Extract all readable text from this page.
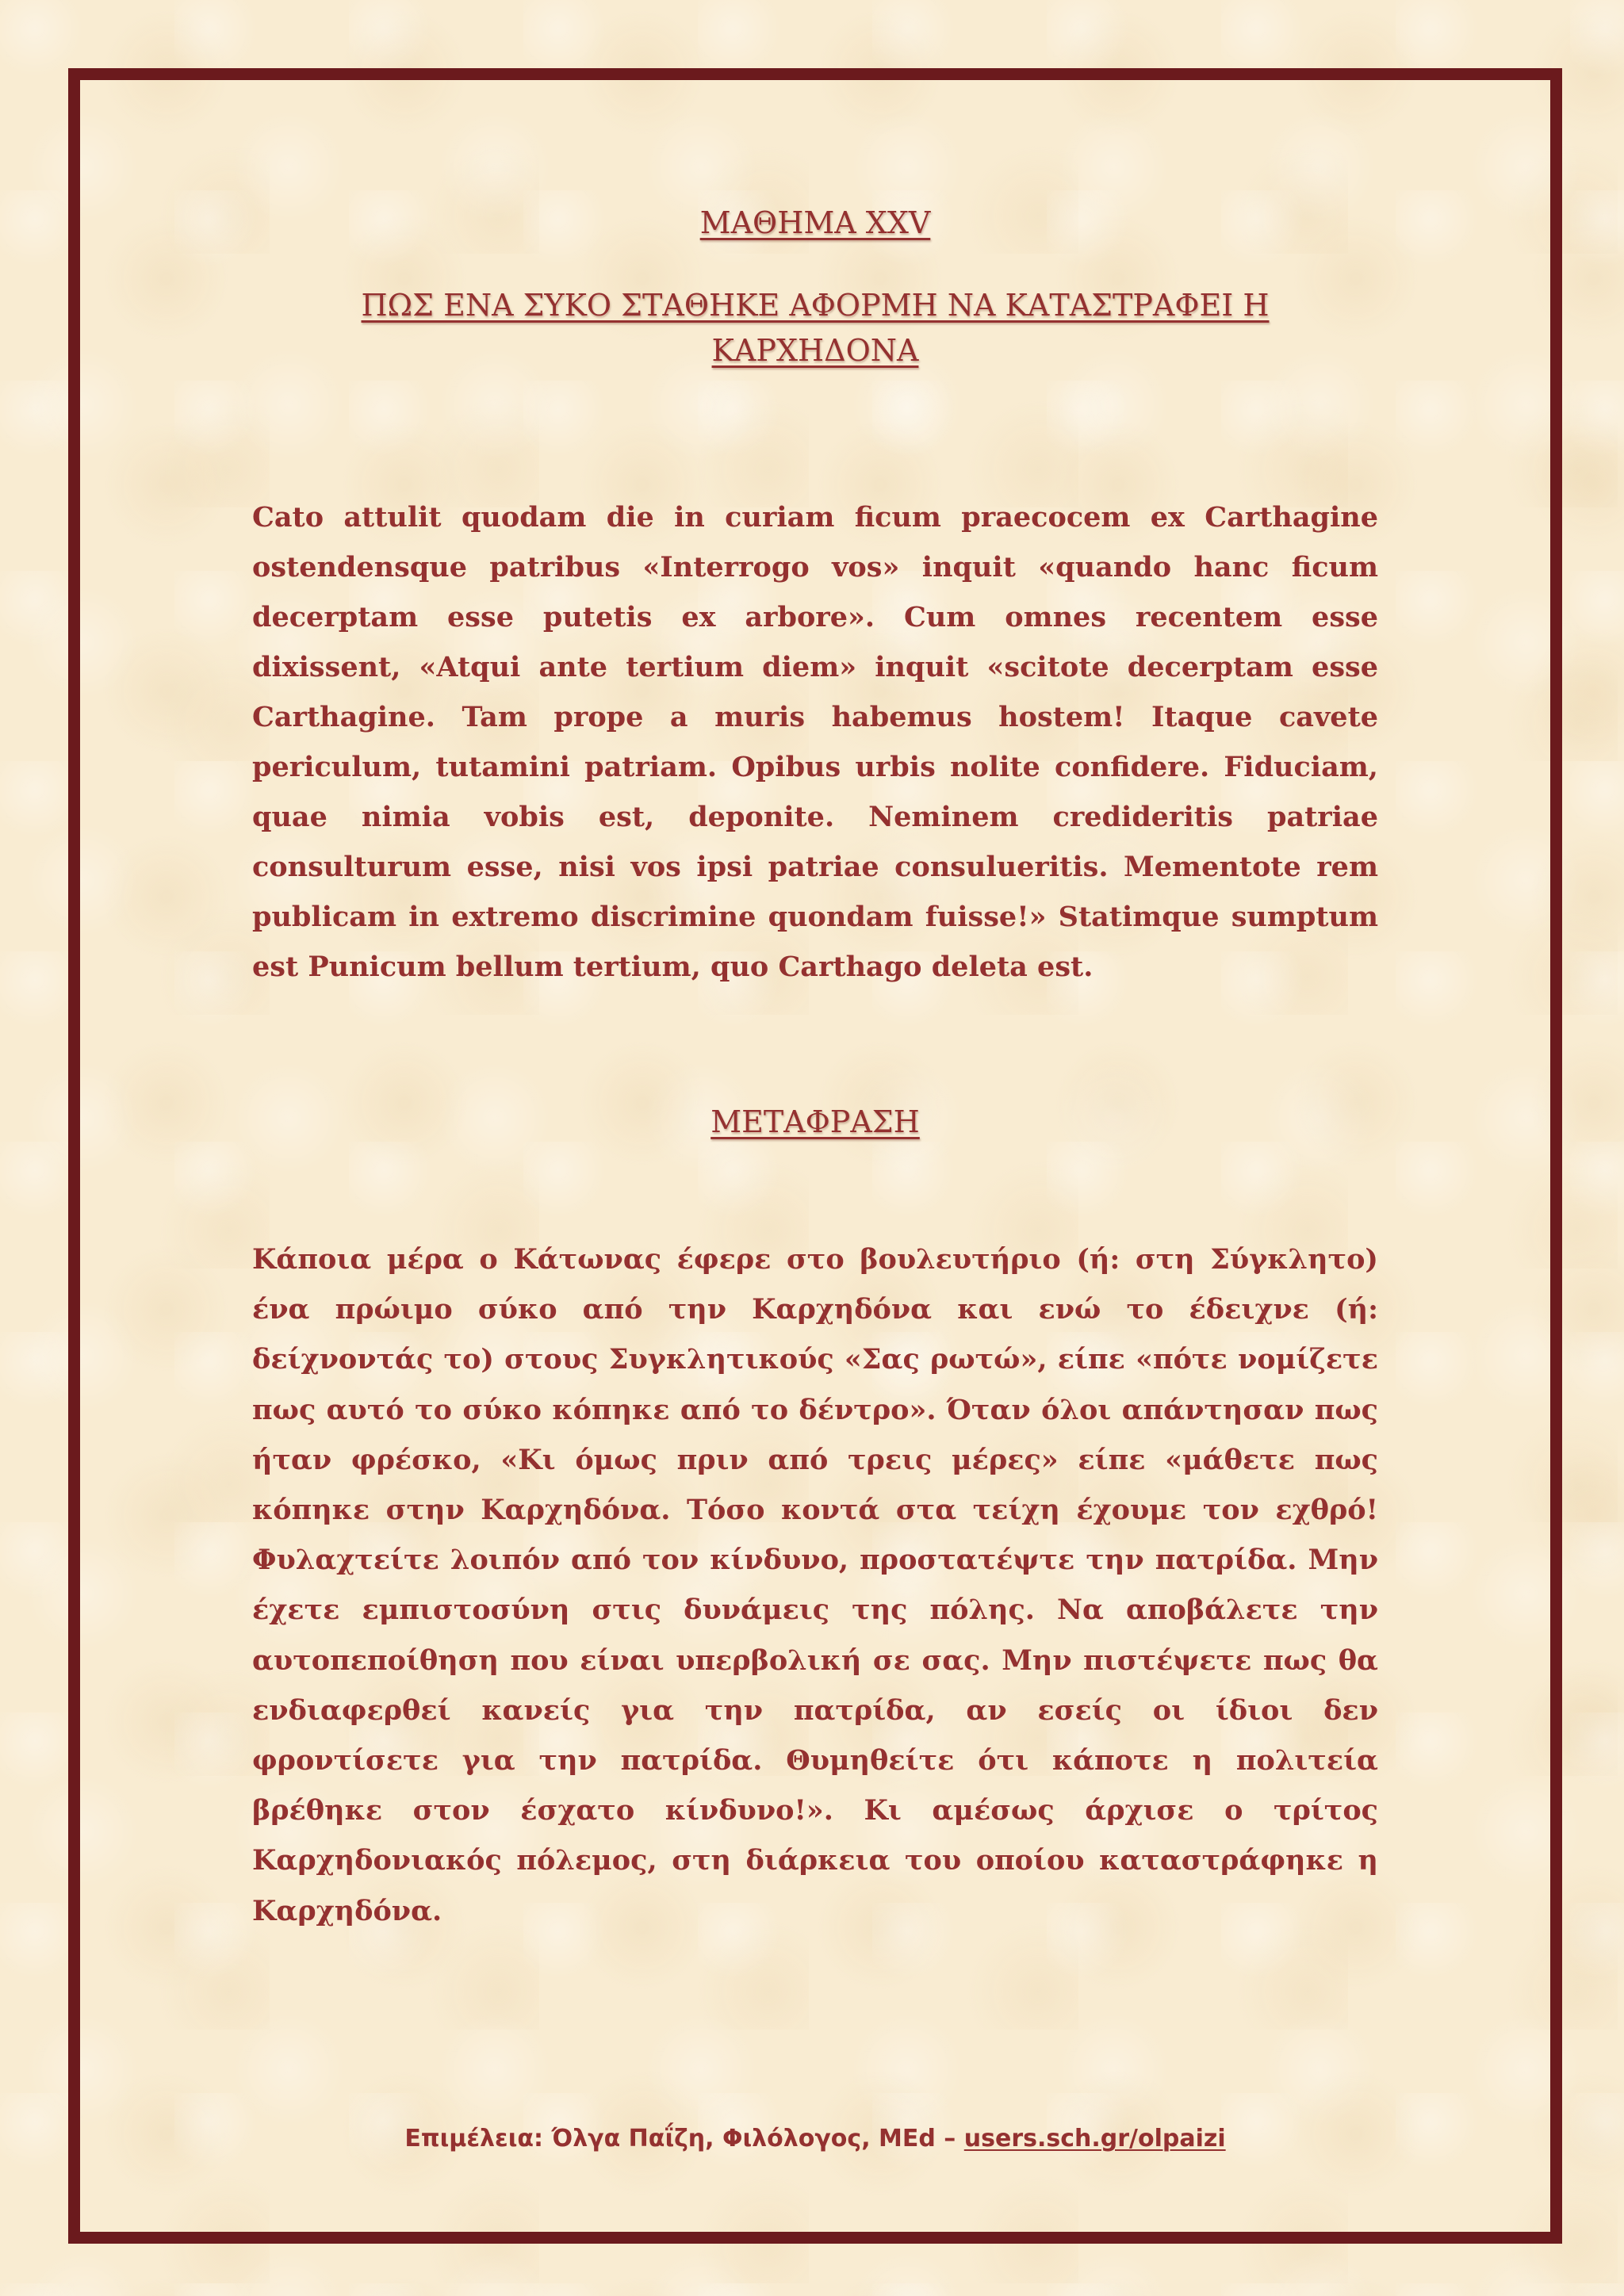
ΜΑΘΗΜΑ XXV
ΠΩΣ ΕΝΑ ΣΥΚΟ ΣΤΑΘΗΚΕ ΑΦΟΡΜΗ ΝΑ ΚΑΤΑΣΤΡΑΦΕΙ Η ΚΑΡΧΗΔΟΝΑ

Cato attulit quodam die in curiam ficum praecocem ex Carthagine ostendensque patribus «Interrogo vos» inquit «quando hanc ficum decerptam esse putetis ex arbore». Cum omnes recentem esse dixissent, «Atqui ante tertium diem» inquit «scitote decerptam esse Carthagine. Tam prope a muris habemus hostem! Itaque cavete periculum, tutamini patriam. Opibus urbis nolite confidere. Fiduciam, quae nimia vobis est, deponite. Neminem credideritis patriae consulturum esse, nisi vos ipsi patriae consulueritis. Mementote rem publicam in extremo discrimine quondam fuisse!» Statimque sumptum est Punicum bellum tertium, quo Carthago deleta est.

ΜΕΤΑΦΡΑΣΗ

Κάποια μέρα ο Κάτωνας έφερε στο βουλευτήριο (ή: στη Σύγκλητο) ένα πρώιμο σύκο από την Καρχηδόνα και ενώ το έδειχνε (ή: δείχνοντάς το) στους Συγκλητικούς «Σας ρωτώ», είπε «πότε νομίζετε πως αυτό το σύκο κόπηκε από το δέντρο». Όταν όλοι απάντησαν πως ήταν φρέσκο, «Κι όμως πριν από τρεις μέρες» είπε «μάθετε πως κόπηκε στην Καρχηδόνα. Τόσο κοντά στα τείχη έχουμε τον εχθρό! Φυλαχτείτε λοιπόν από τον κίνδυνο, προστατέψτε την πατρίδα. Μην έχετε εμπιστοσύνη στις δυνάμεις της πόλης. Να αποβάλετε την αυτοπεποίθηση που είναι υπερβολική σε σας. Μην πιστέψετε πως θα ενδιαφερθεί κανείς για την πατρίδα, αν εσείς οι ίδιοι δεν φροντίσετε για την πατρίδα. Θυμηθείτε ότι κάποτε η πολιτεία βρέθηκε στον έσχατο κίνδυνο!». Κι αμέσως άρχισε ο τρίτος Καρχηδονιακός πόλεμος, στη διάρκεια του οποίου καταστράφηκε η Καρχηδόνα.

Επιμέλεια: Όλγα Παΐζη, Φιλόλογος, MEd – users.sch.gr/olpaizi
